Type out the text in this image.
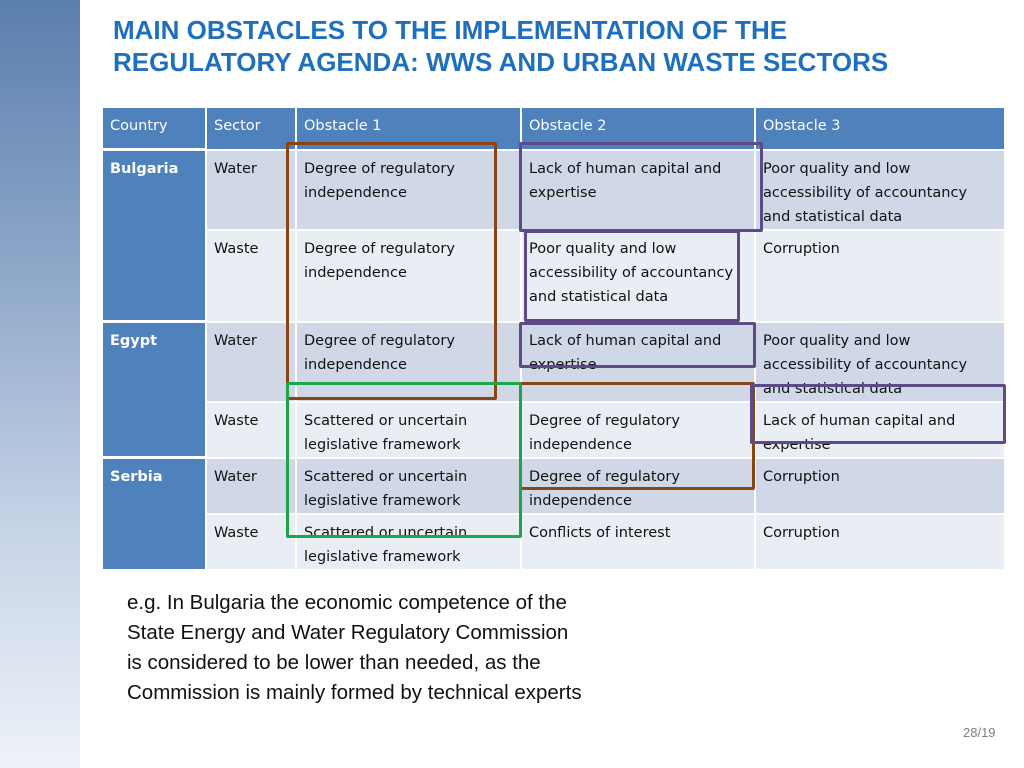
MAIN OBSTACLES TO THE IMPLEMENTATION OF THE
REGULATORY AGENDA: WWS AND URBAN WASTE SECTORS
Country	Sector	Obstacle 1	Obstacle 2	Obstacle 3
Bulgaria	Water	Degree of regulatory independence	Lack of human capital and expertise	Poor quality and low accessibility of accountancy and statistical data
	Waste	Degree of regulatory independence	Poor quality and low accessibility of accountancy and statistical data	Corruption
Egypt	Water	Degree of regulatory independence	Lack of human capital and expertise	Poor quality and low accessibility of accountancy and statistical data
	Waste	Scattered or uncertain legislative framework	Degree of regulatory independence	Lack of human capital and expertise
Serbia	Water	Scattered or uncertain legislative framework	Degree of regulatory independence	Corruption
	Waste	Scattered or uncertain legislative framework	Conflicts of interest	Corruption

e.g. In Bulgaria the economic competence of the
State Energy and Water Regulatory Commission
is considered to be lower than needed, as the
Commission is mainly formed by technical experts

28/19
